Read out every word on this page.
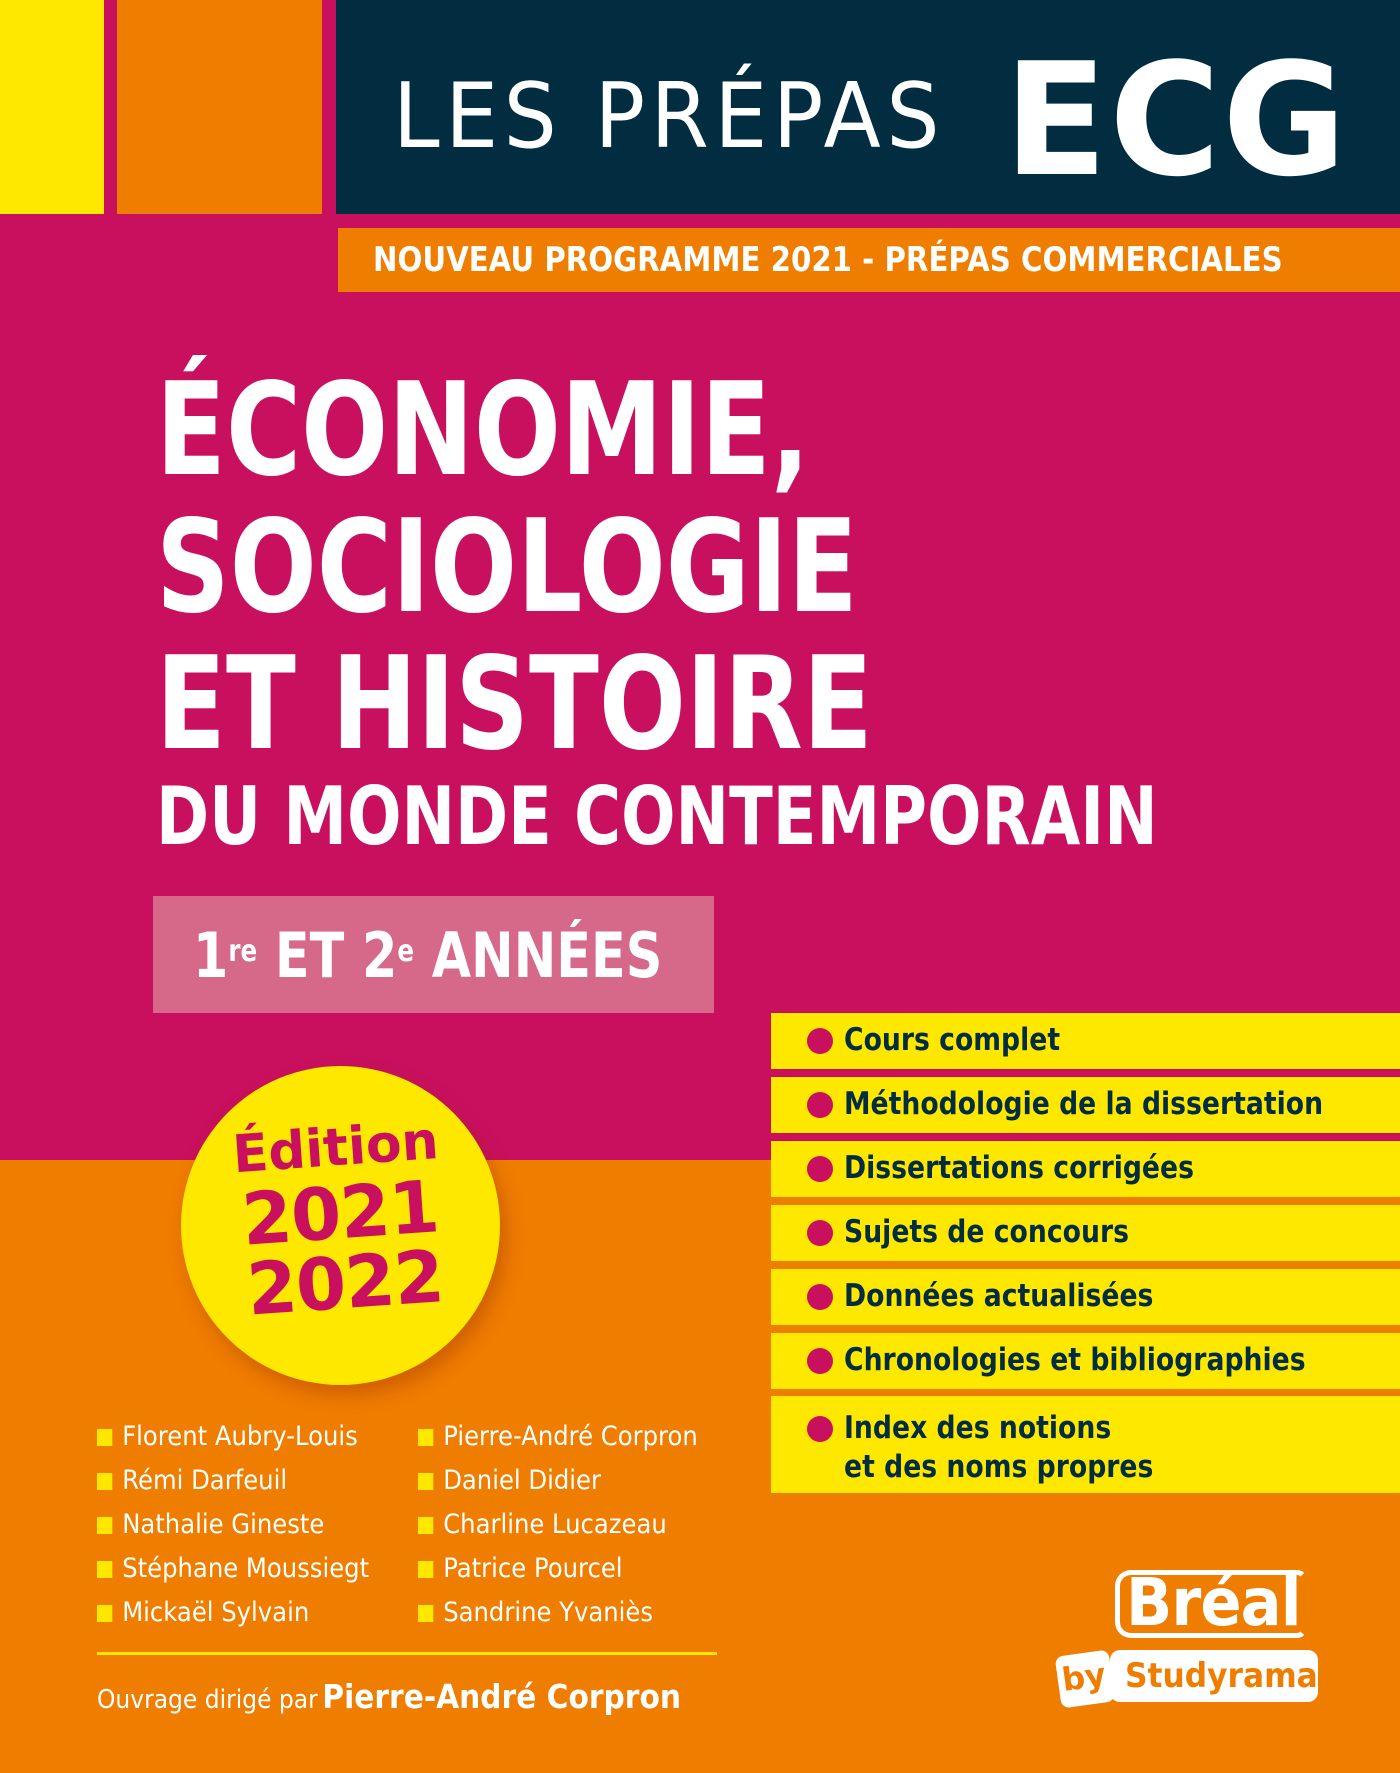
LES PRÉPAS ECG
NOUVEAU PROGRAMME 2021 - PRÉPAS COMMERCIALES
ÉCONOMIE,
SOCIOLOGIE
ET HISTOIRE
DU MONDE CONTEMPORAIN
1re ET 2e ANNÉES
Cours complet
Méthodologie de la dissertation
Dissertations corrigées
Sujets de concours
Données actualisées
Chronologies et bibliographies
Index des notions
et des noms propres
Édition
2021
2022
Florent Aubry-Louis
Rémi Darfeuil
Nathalie Gineste
Stéphane Moussiegt
Mickaël Sylvain
Pierre-André Corpron
Daniel Didier
Charline Lucazeau
Patrice Pourcel
Sandrine Yvaniès
Ouvrage dirigé par Pierre-André Corpron
Bréal
Studyrama
by
